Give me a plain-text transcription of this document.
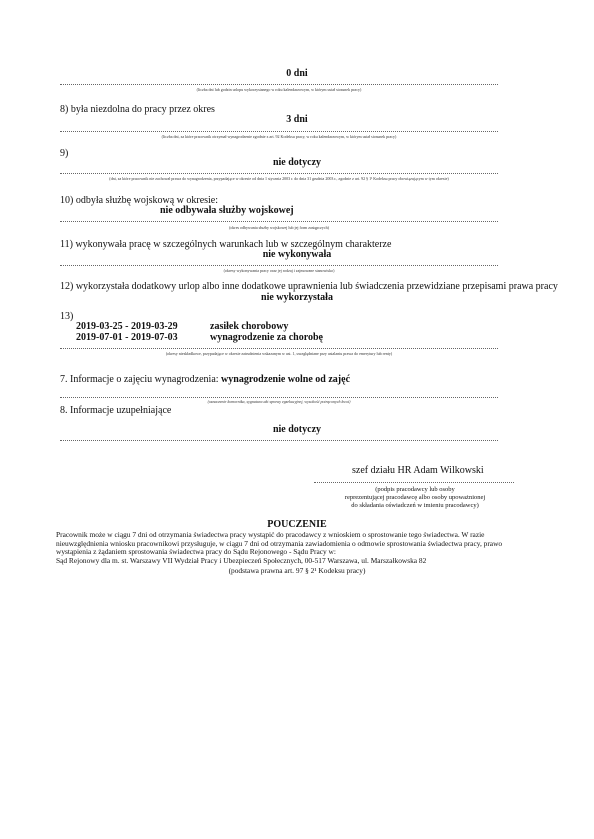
0 dni
(liczba dni lub godzin urlopu wykorzystanego w roku kalendarzowym, w którym ustał stosunek pracy)
8) była niezdolna do pracy przez okres
3 dni
(liczba dni, za które pracownik otrzymał wynagrodzenie zgodnie z art. 92 Kodeksu pracy, w roku kalendarzowym, w którym ustał stosunek pracy)
9)
nie dotyczy
(dni, za które pracownik nie zachował prawa do wynagrodzenia, przypadające w okresie od dnia 1 stycznia 2003 r. do dnia 31 grudnia 2003 r., zgodnie z art. 92 § 1¹ Kodeksu pracy obowiązującym w tym okresie)
10) odbyła służbę wojskową w okresie:
nie odbywała służby wojskowej
(okres odbywania służby wojskowej lub jej form zastępczych)
11) wykonywała pracę w szczególnych warunkach lub w szczególnym charakterze
nie wykonywała
(okresy wykonywania pracy oraz jej rodzaj i zajmowane stanowisko)
12) wykorzystała dodatkowy urlop albo inne dodatkowe uprawnienia lub świadczenia przewidziane przepisami prawa pracy
nie wykorzystała
13)
2019-03-25 - 2019-03-29	zasiłek chorobowy
2019-07-01 - 2019-07-03	wynagrodzenie za chorobę
(okresy nieskładkowe, przypadające w okresie zatrudnienia wskazanym w ust. 1, uwzględniane przy ustalaniu prawa do emerytury lub renty)
7. Informacje o zajęciu wynagrodzenia: wynagrodzenie wolne od zajęć
(oznaczenie komornika, sygnatura akt sprawy egzekucyjnej, wysokość potrąconych kwot)
8. Informacje uzupełniające
nie dotyczy
szef działu HR Adam Wilkowski
(podpis pracodawcy lub osoby
reprezentującej pracodawcę albo osoby upoważnionej
do składania oświadczeń w imieniu pracodawcy)
POUCZENIE
Pracownik może w ciągu 7 dni od otrzymania świadectwa pracy wystąpić do pracodawcy z wnioskiem o sprostowanie tego świadectwa. W razie
nieuwzględnienia wniosku pracownikowi przysługuje, w ciągu 7 dni od otrzymania zawiadomienia o odmowie sprostowania świadectwa pracy, prawo
wystąpienia z żądaniem sprostowania świadectwa pracy do Sądu Rejonowego - Sądu Pracy w:
Sąd Rejonowy dla m. st. Warszawy VII Wydział Pracy i Ubezpieczeń Społecznych, 00-517 Warszawa, ul. Marszałkowska 82
(podstawa prawna art. 97 § 2¹ Kodeksu pracy)
